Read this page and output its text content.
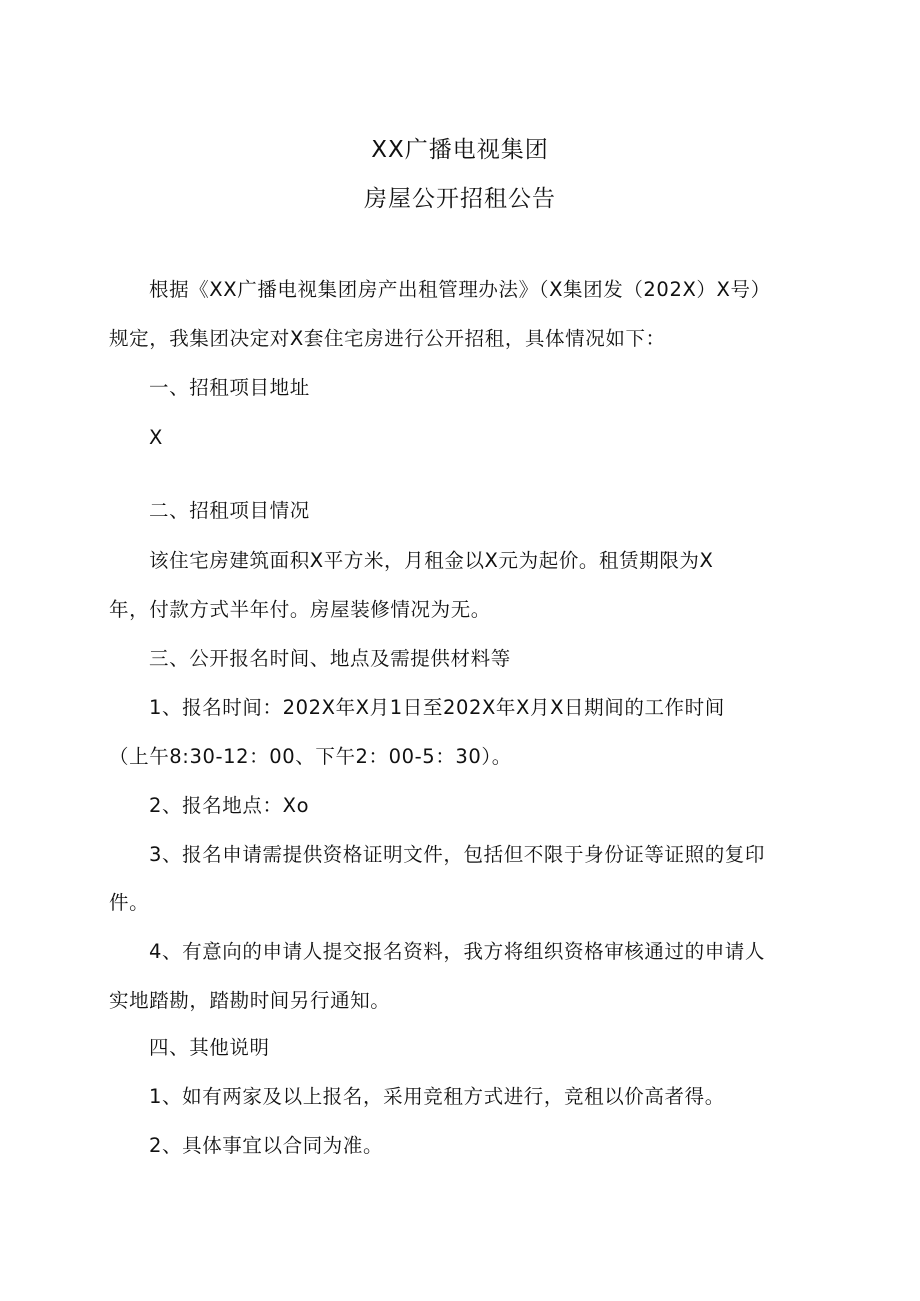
XX广播电视集团
房屋公开招租公告
根据《XX广播电视集团房产出租管理办法》（X集团发（202X）X号）
规定，我集团决定对X套住宅房进行公开招租，具体情况如下：
一、招租项目地址
X
二、招租项目情况
该住宅房建筑面积X平方米，月租金以X元为起价。租赁期限为X
年，付款方式半年付。房屋装修情况为无。
三、公开报名时间、地点及需提供材料等
1、报名时间：202X年X月1日至202X年X月X日期间的工作时间
（上午8:30-12：00、下午2：00-5：30）。
2、报名地点：Xo
3、报名申请需提供资格证明文件，包括但不限于身份证等证照的复印
件。
4、有意向的申请人提交报名资料，我方将组织资格审核通过的申请人
实地踏勘，踏勘时间另行通知。
四、其他说明
1、如有两家及以上报名，采用竞租方式进行，竞租以价高者得。
2、具体事宜以合同为准。
